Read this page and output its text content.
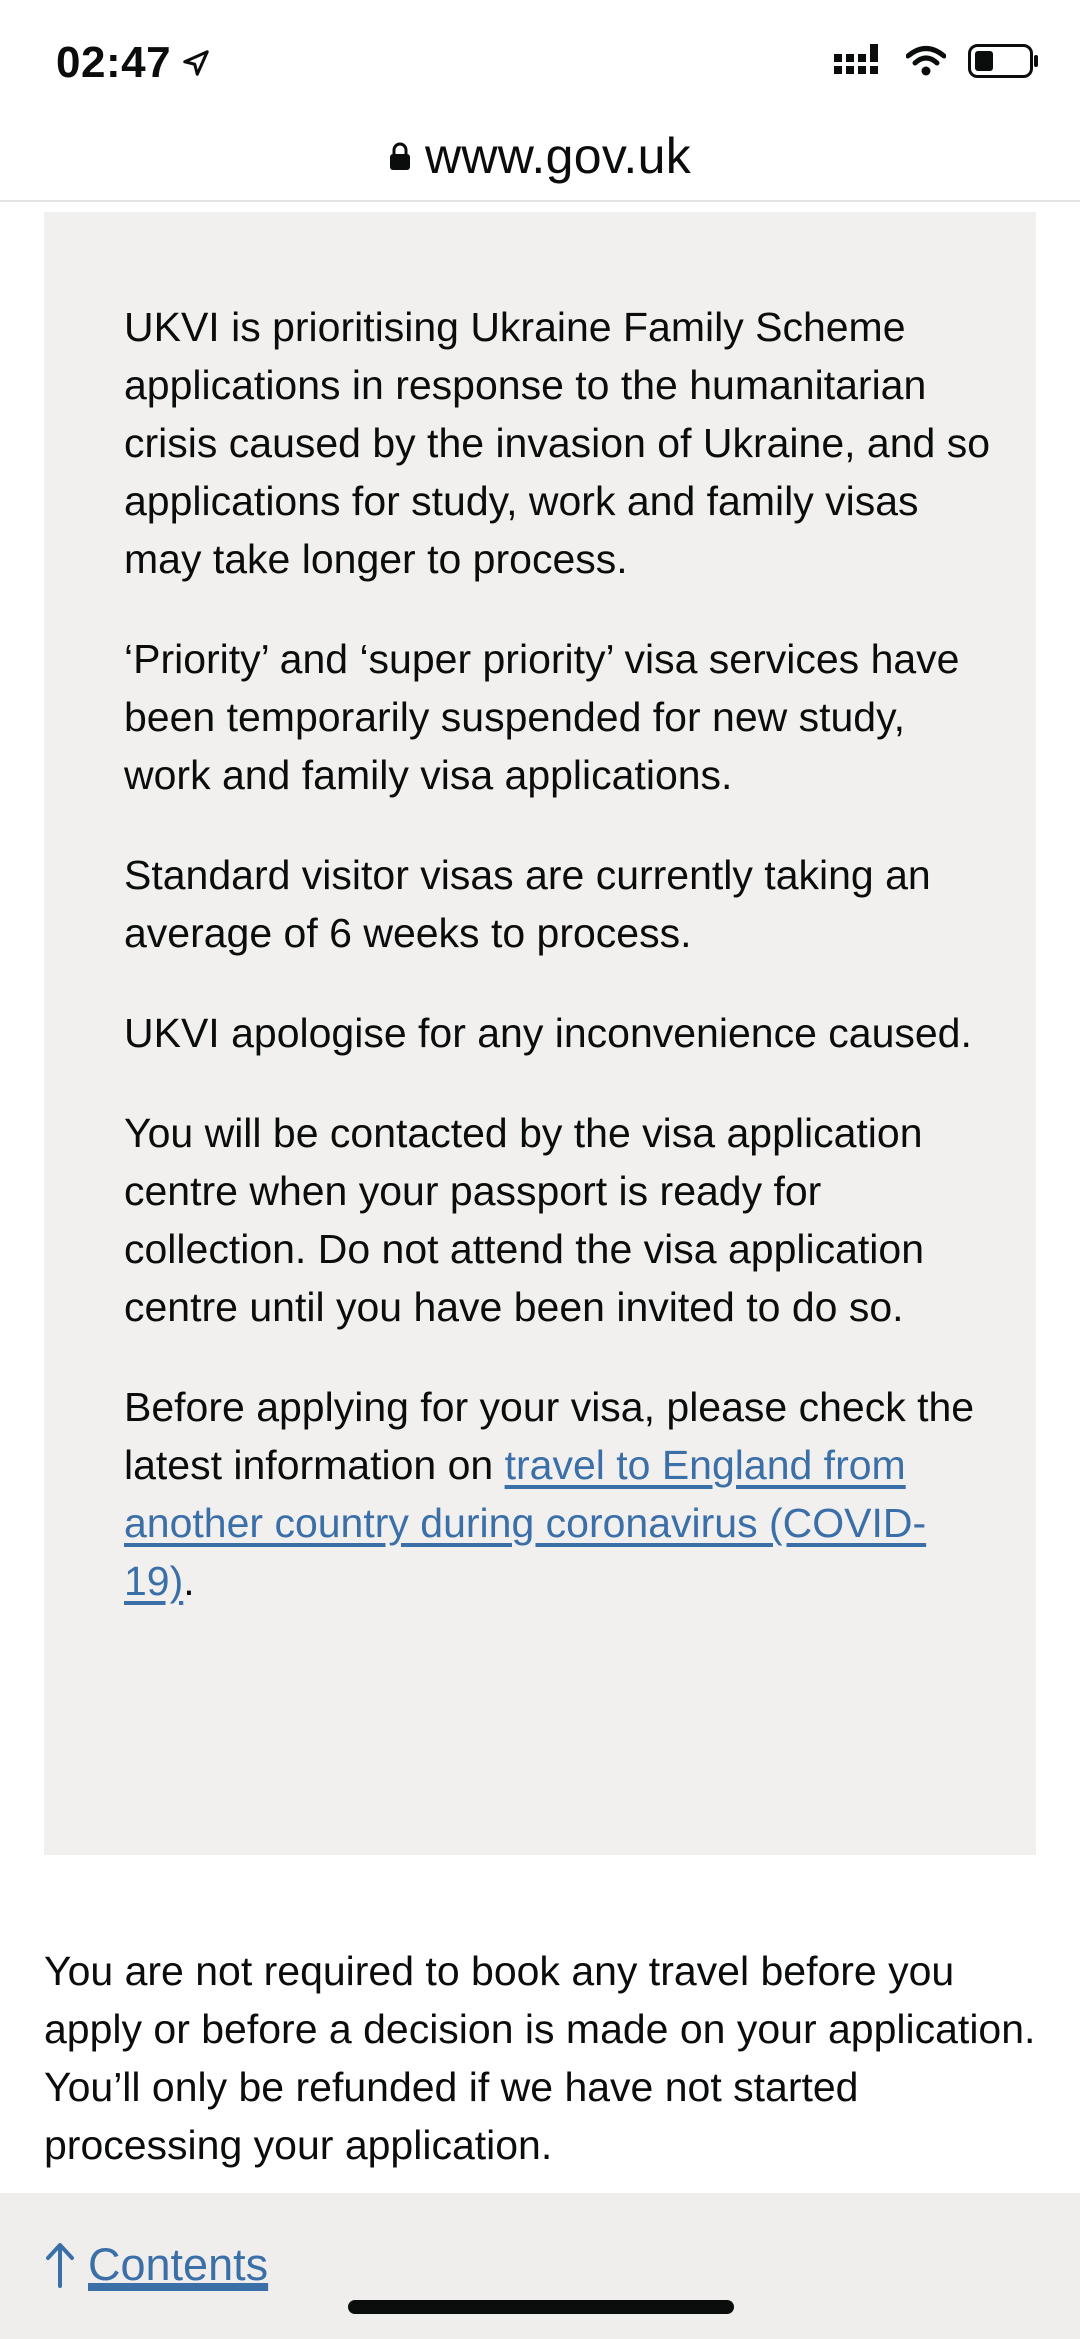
02:47
www.gov.uk

UKVI is prioritising Ukraine Family Scheme applications in response to the humanitarian crisis caused by the invasion of Ukraine, and so applications for study, work and family visas may take longer to process.

‘Priority’ and ‘super priority’ visa services have been temporarily suspended for new study, work and family visa applications.

Standard visitor visas are currently taking an average of 6 weeks to process.

UKVI apologise for any inconvenience caused.

You will be contacted by the visa application centre when your passport is ready for collection. Do not attend the visa application centre until you have been invited to do so.

Before applying for your visa, please check the latest information on travel to England from another country during coronavirus (COVID-19).

You are not required to book any travel before you apply or before a decision is made on your application. You’ll only be refunded if we have not started processing your application.

Contents
